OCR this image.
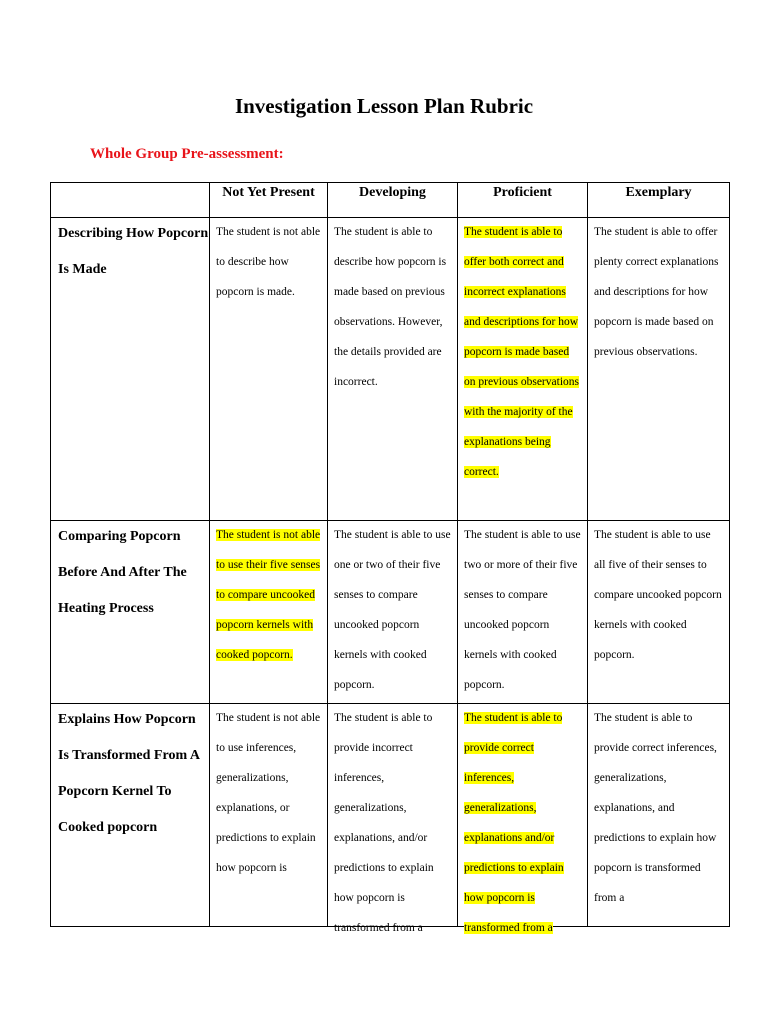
Investigation Lesson Plan Rubric
Whole Group Pre-assessment:

	Not Yet Present	Developing	Proficient	Exemplary

Describing How Popcorn Is Made	The student is not able to describe how popcorn is made.	The student is able to describe how popcorn is made based on previous observations. However, the details provided are incorrect.	The student is able to offer both correct and incorrect explanations and descriptions for how popcorn is made based on previous observations with the majority of the explanations being correct.	The student is able to offer plenty correct explanations and descriptions for how popcorn is made based on previous observations.

Comparing Popcorn Before And After The Heating Process	The student is not able to use their five senses to compare uncooked popcorn kernels with cooked popcorn.	The student is able to use one or two of their five senses to compare uncooked popcorn kernels with cooked popcorn.	The student is able to use two or more of their five senses to compare uncooked popcorn kernels with cooked popcorn.	The student is able to use all five of their senses to compare uncooked popcorn kernels with cooked popcorn.

Explains How Popcorn Is Transformed From A Popcorn Kernel To Cooked popcorn	The student is not able to use inferences, generalizations, explanations, or predictions to explain how popcorn is	The student is able to provide incorrect inferences, generalizations, explanations, and/or predictions to explain how popcorn is transformed from a	The student is able to provide correct inferences, generalizations, explanations and/or predictions to explain how popcorn is transformed from a	The student is able to provide correct inferences, generalizations, explanations, and predictions to explain how popcorn is transformed from a
